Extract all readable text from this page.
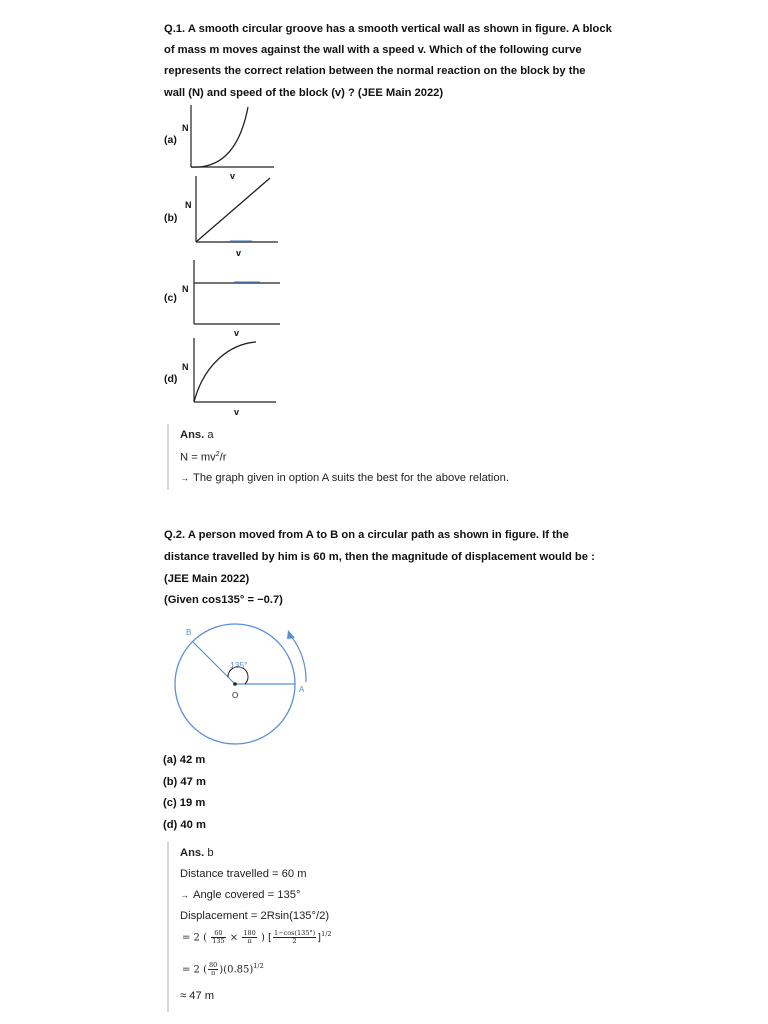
Q.1. A smooth circular groove has a smooth vertical wall as shown in figure. A block
of mass m moves against the wall with a speed v. Which of the following curve
represents the correct relation between the normal reaction on the block by the
wall (N) and speed of the block (v) ? (JEE Main 2022)
(a)
N
v
(b)
N
v
(c)
N
v
(d)
N
v
Ans. a
$N = mv^2/r$
→ The graph given in option A suits the best for the above relation.
Q.2. A person moved from A to B on a circular path as shown in figure. If the
distance travelled by him is 60 m, then the magnitude of displacement would be :
(JEE Main 2022)
(Given cos135° = −0.7)
135°
A
B
O
(a) 42 m
(b) 47 m
(c) 19 m
(d) 40 m
Ans. b
Distance travelled = 60 m
→ Angle covered = 135°
Displacement = 2Rsin(135°/2)
= 2 ( $\frac{60}{135} \times \frac{180}{\pi}$ ) [ $\frac{1-\cos(135^\circ)}{2} ]^{1/2}$
= 2 ( $\frac{80}{\pi} )(0.85)^{1/2}$
≈ 47 m
